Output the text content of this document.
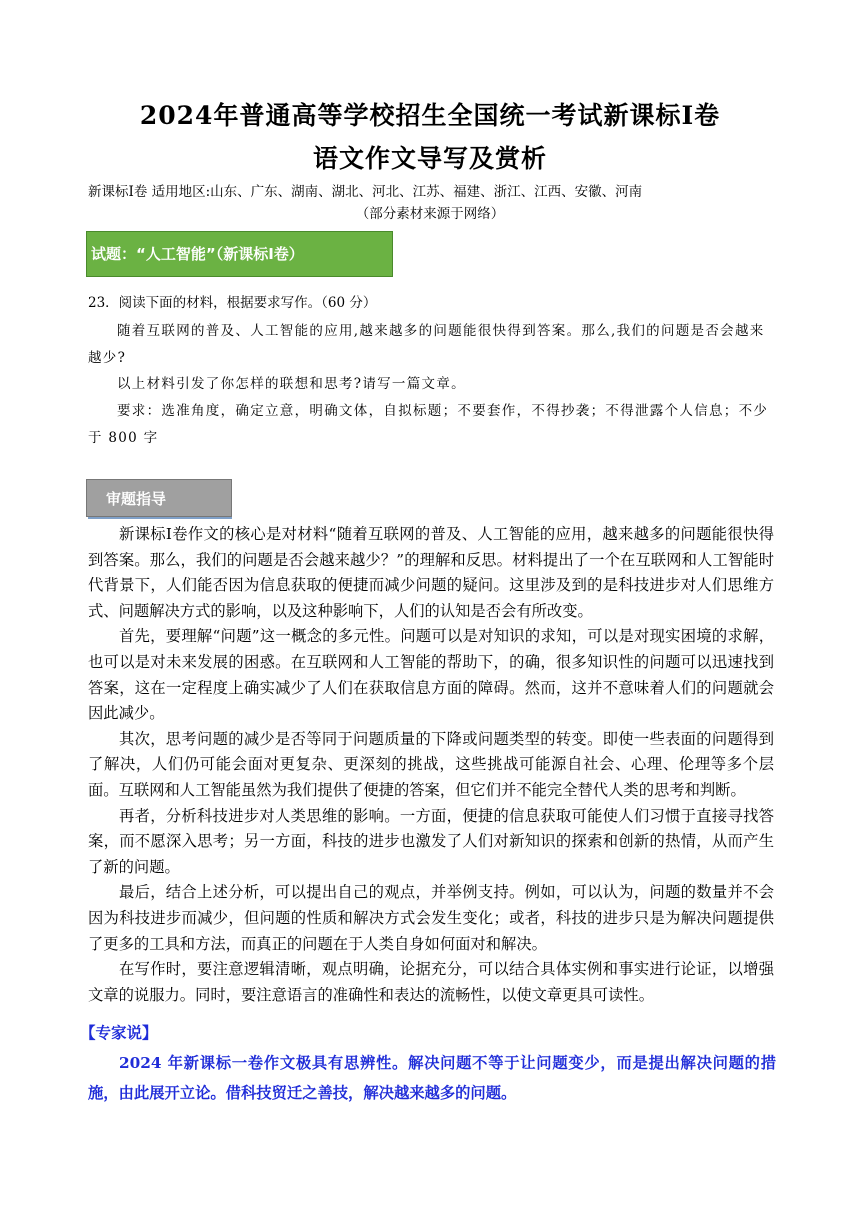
2024年普通高等学校招生全国统一考试新课标Ⅰ卷
语文作文导写及赏析
新课标Ⅰ卷 适用地区:山东、广东、湖南、湖北、河北、江苏、福建、浙江、江西、安徽、河南
（部分素材来源于网络）
试题：“人工智能”（新课标Ⅰ卷）
23．阅读下面的材料，根据要求写作。（60 分）
随着互联网的普及、人工智能的应用,越来越多的问题能很快得到答案。那么,我们的问题是否会越来越少?
以上材料引发了你怎样的联想和思考?请写一篇文章。
要求：选准角度，确定立意，明确文体，自拟标题；不要套作，不得抄袭；不得泄露个人信息；不少于 800 字
审题指导

新课标Ⅰ卷作文的核心是对材料“随着互联网的普及、人工智能的应用，越来越多的问题能很快得到答案。那么，我们的问题是否会越来越少？”的理解和反思。材料提出了一个在互联网和人工智能时代背景下，人们能否因为信息获取的便捷而减少问题的疑问。这里涉及到的是科技进步对人们思维方式、问题解决方式的影响，以及这种影响下，人们的认知是否会有所改变。

首先，要理解“问题”这一概念的多元性。问题可以是对知识的求知，可以是对现实困境的求解，也可以是对未来发展的困惑。在互联网和人工智能的帮助下，的确，很多知识性的问题可以迅速找到答案，这在一定程度上确实减少了人们在获取信息方面的障碍。然而，这并不意味着人们的问题就会因此减少。

其次，思考问题的减少是否等同于问题质量的下降或问题类型的转变。即使一些表面的问题得到了解决，人们仍可能会面对更复杂、更深刻的挑战，这些挑战可能源自社会、心理、伦理等多个层面。互联网和人工智能虽然为我们提供了便捷的答案，但它们并不能完全替代人类的思考和判断。

再者，分析科技进步对人类思维的影响。一方面，便捷的信息获取可能使人们习惯于直接寻找答案，而不愿深入思考；另一方面，科技的进步也激发了人们对新知识的探索和创新的热情，从而产生了新的问题。

最后，结合上述分析，可以提出自己的观点，并举例支持。例如，可以认为，问题的数量并不会因为科技进步而减少，但问题的性质和解决方式会发生变化；或者，科技的进步只是为解决问题提供了更多的工具和方法，而真正的问题在于人类自身如何面对和解决。

在写作时，要注意逻辑清晰，观点明确，论据充分，可以结合具体实例和事实进行论证，以增强文章的说服力。同时，要注意语言的准确性和表达的流畅性，以使文章更具可读性。

【专家说】
2024 年新课标一卷作文极具有思辨性。解决问题不等于让问题变少，而是提出解决问题的措施，由此展开立论。借科技贸迁之善技，解决越来越多的问题。
